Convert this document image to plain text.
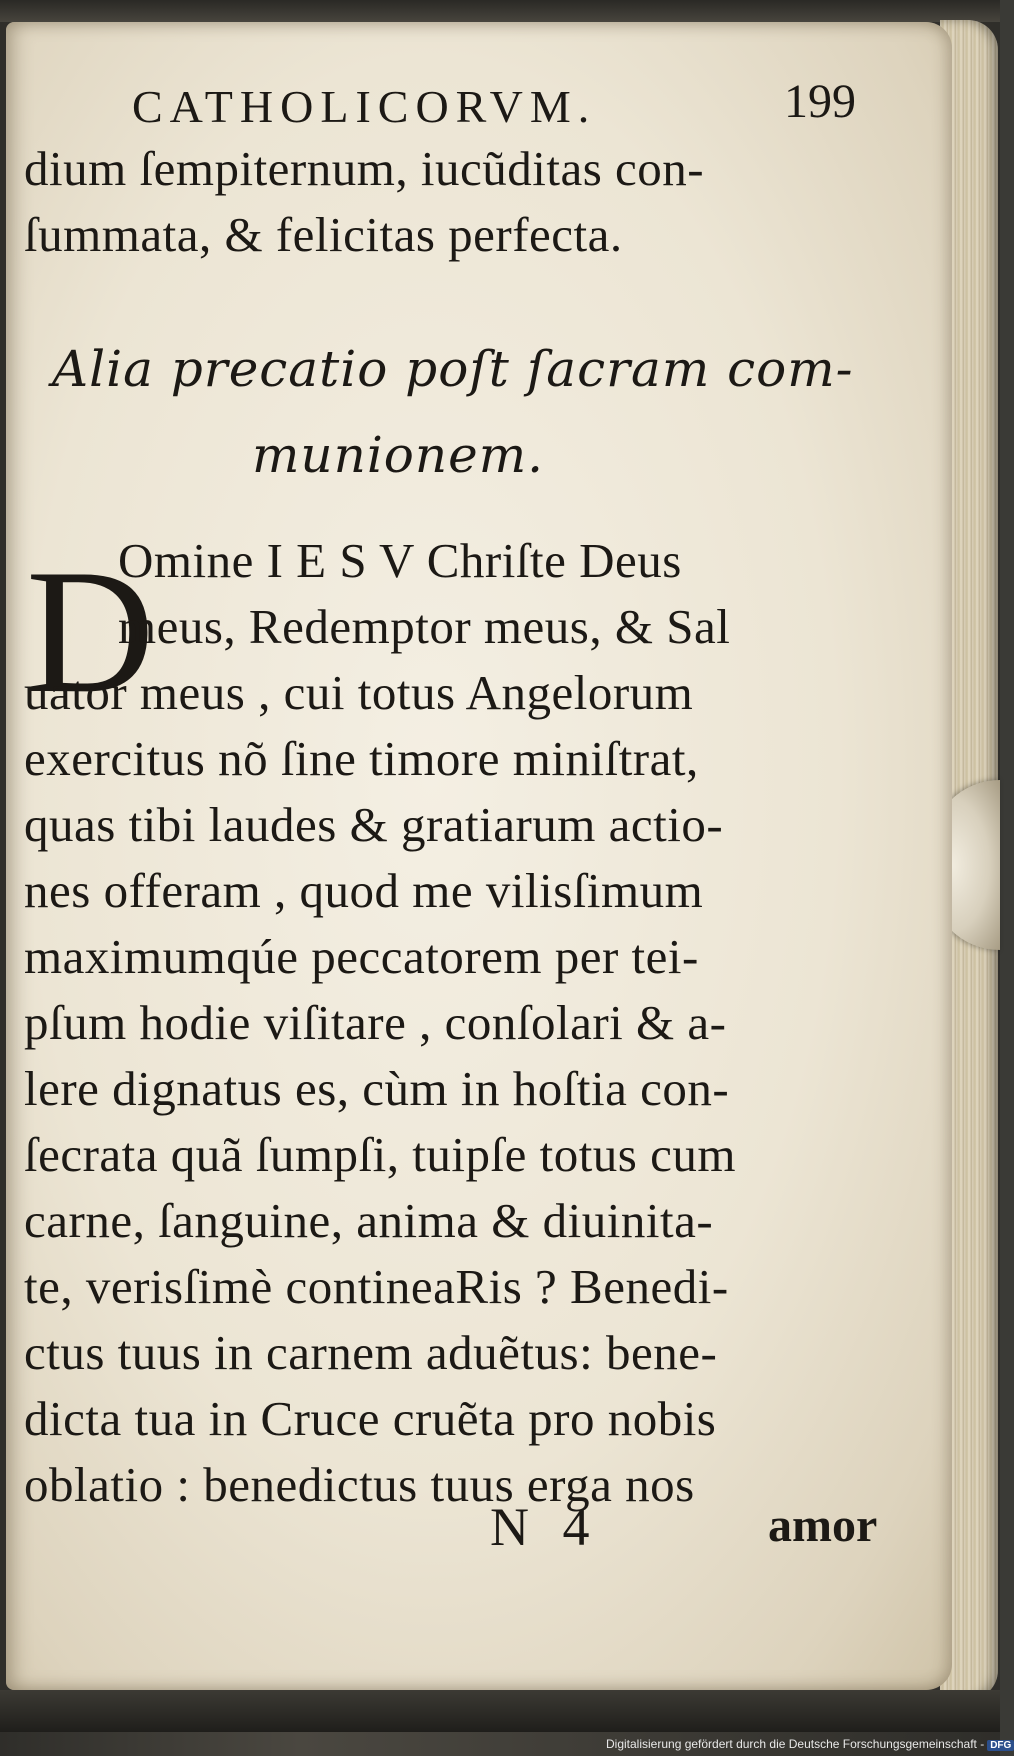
CATHOLICORVM.	199
dium ſempiternum, iucũditas con-
ſummata, & felicitas perfecta.
Alia precatio poſt ſacram com-
munionem.
D
Omine I E S V Chriſte Deus
meus, Redemptor meus, & Sal
uator meus , cui totus Angelorum
exercitus nõ ſine timore miniſtrat,
quas tibi laudes & gratiarum actio-
nes offeram , quod me vilisſimum
maximumqúe peccatorem per tei-
pſum hodie viſitare , conſolari & a-
lere dignatus es, cùm in hoſtia con-
ſecrata quã ſumpſi, tuipſe totus cum
carne, ſanguine, anima & diuinita-
te, verisſimè contineaRis ? Benedi-
ctus tuus in carnem aduẽtus: bene-
dicta tua in Cruce cruẽta pro nobis
oblatio : benedictus tuus erga nos
N 4	amor
Digitalisierung gefördert durch die Deutsche Forschungsgemeinschaft - DFG
